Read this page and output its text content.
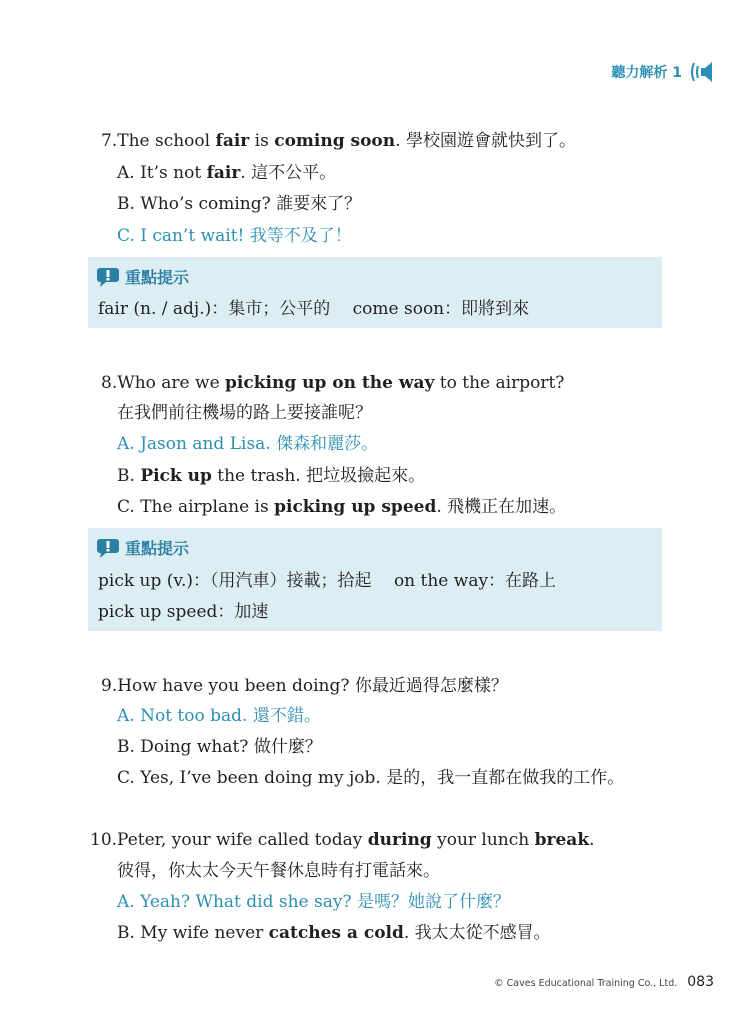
聽力解析 1
7.The school fair is coming soon. 學校園遊會就快到了。
A. It’s not fair. 這不公平。
B. Who’s coming? 誰要來了？
C. I can’t wait! 我等不及了！
重點提示
fair (n. / adj.)：集市；公平的　 come soon：即將到來
8.Who are we picking up on the way to the airport?
在我們前往機場的路上要接誰呢？
A. Jason and Lisa. 傑森和麗莎。
B. Pick up the trash. 把垃圾撿起來。
C. The airplane is picking up speed. 飛機正在加速。
重點提示
pick up (v.)：（用汽車）接載；拾起　 on the way：在路上
pick up speed：加速
9.How have you been doing? 你最近過得怎麼樣？
A. Not too bad. 還不錯。
B. Doing what? 做什麼？
C. Yes, I’ve been doing my job. 是的，我一直都在做我的工作。
10.Peter, your wife called today during your lunch break.
彼得，你太太今天午餐休息時有打電話來。
A. Yeah? What did she say? 是嗎？她說了什麼？
B. My wife never catches a cold. 我太太從不感冒。
© Caves Educational Training Co., Ltd. 083
